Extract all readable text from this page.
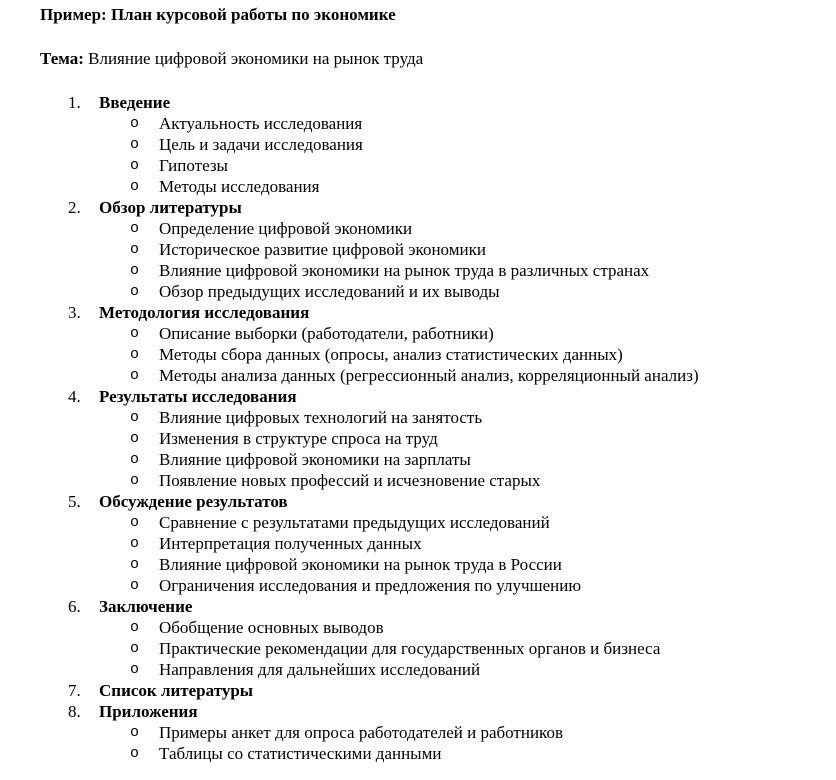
Пример: План курсовой работы по экономике
Тема: Влияние цифровой экономики на рынок труда
1. Введение
o Актуальность исследования
o Цель и задачи исследования
o Гипотезы
o Методы исследования
2. Обзор литературы
o Определение цифровой экономики
o Историческое развитие цифровой экономики
o Влияние цифровой экономики на рынок труда в различных странах
o Обзор предыдущих исследований и их выводы
3. Методология исследования
o Описание выборки (работодатели, работники)
o Методы сбора данных (опросы, анализ статистических данных)
o Методы анализа данных (регрессионный анализ, корреляционный анализ)
4. Результаты исследования
o Влияние цифровых технологий на занятость
o Изменения в структуре спроса на труд
o Влияние цифровой экономики на зарплаты
o Появление новых профессий и исчезновение старых
5. Обсуждение результатов
o Сравнение с результатами предыдущих исследований
o Интерпретация полученных данных
o Влияние цифровой экономики на рынок труда в России
o Ограничения исследования и предложения по улучшению
6. Заключение
o Обобщение основных выводов
o Практические рекомендации для государственных органов и бизнеса
o Направления для дальнейших исследований
7. Список литературы
8. Приложения
o Примеры анкет для опроса работодателей и работников
o Таблицы со статистическими данными
